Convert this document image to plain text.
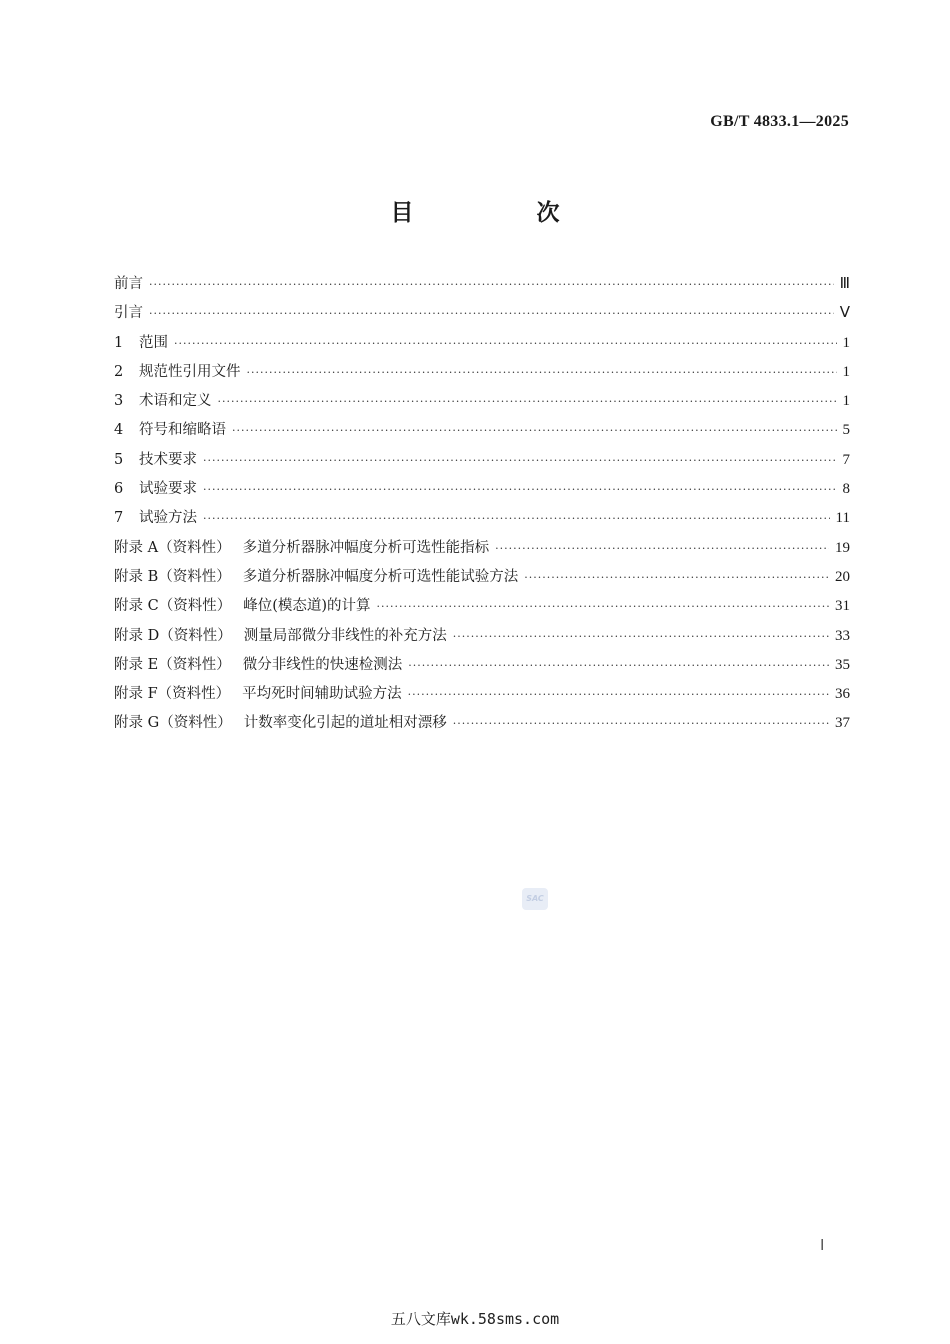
GB/T 4833.1—2025
目　次
前言 ·····	Ⅲ
引言 ·····	Ⅴ
1	范围 ·····	1
2	规范性引用文件 ·····	1
3	术语和定义 ·····	1
4	符号和缩略语 ·····	5
5	技术要求 ·····	7
6	试验要求 ·····	8
7	试验方法 ·····	11
附录 A（资料性） 多道分析器脉冲幅度分析可选性能指标 ·····	19
附录 B（资料性） 多道分析器脉冲幅度分析可选性能试验方法 ·····	20
附录 C（资料性） 峰位(模态道)的计算 ·····	31
附录 D（资料性） 测量局部微分非线性的补充方法 ·····	33
附录 E（资料性） 微分非线性的快速检测法 ·····	35
附录 F（资料性） 平均死时间辅助试验方法 ·····	36
附录 G（资料性） 计数率变化引起的道址相对漂移 ·····	37
SAC
Ⅰ
五八文库wk.58sms.com
